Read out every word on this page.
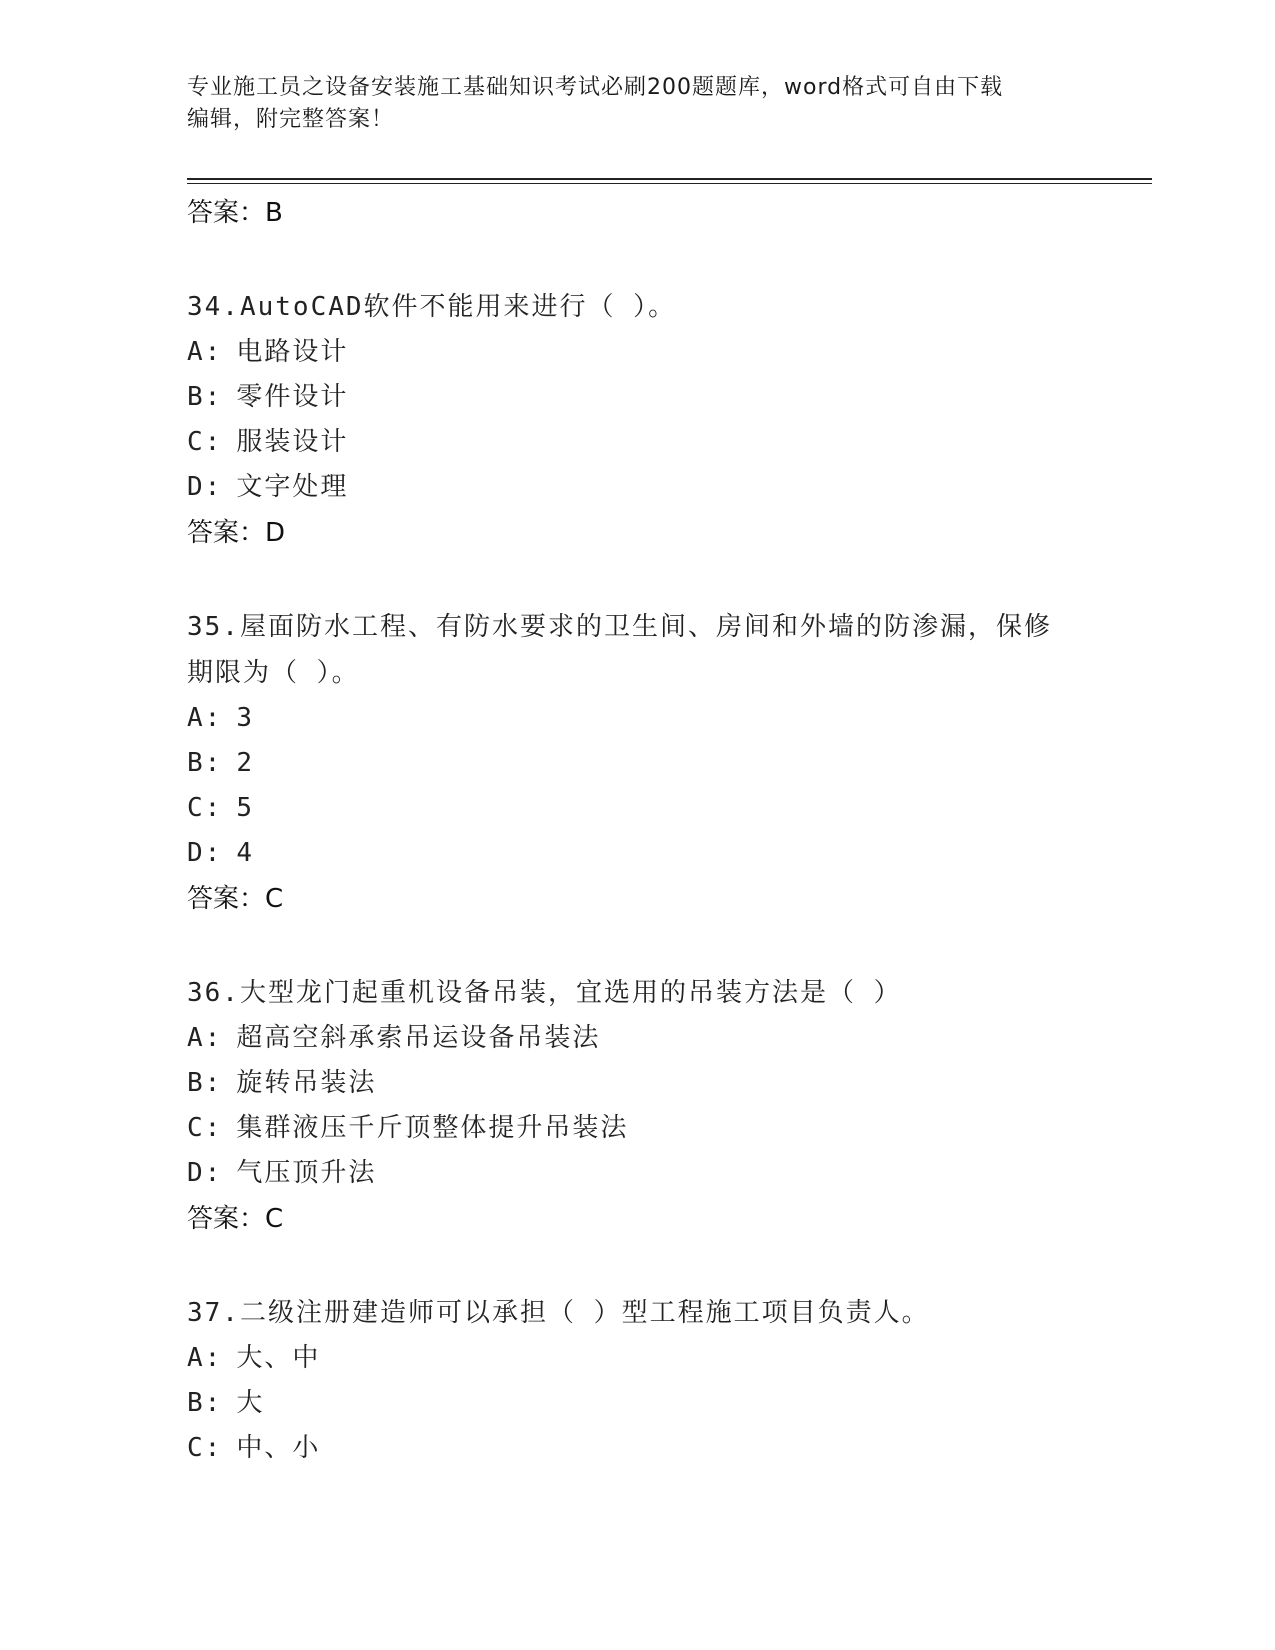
专业施工员之设备安装施工基础知识考试必刷200题题库，word格式可自由下载
编辑，附完整答案！
答案：B
34.AutoCAD软件不能用来进行（ ）。
A: 电路设计
B: 零件设计
C: 服装设计
D: 文字处理
答案：D
35.屋面防水工程、有防水要求的卫生间、房间和外墙的防渗漏，保修
期限为（ ）。
A: 3
B: 2
C: 5
D: 4
答案：C
36.大型龙门起重机设备吊装，宜选用的吊装方法是（ ）
A: 超高空斜承索吊运设备吊装法
B: 旋转吊装法
C: 集群液压千斤顶整体提升吊装法
D: 气压顶升法
答案：C
37.二级注册建造师可以承担（ ）型工程施工项目负责人。
A: 大、中
B: 大
C: 中、小
